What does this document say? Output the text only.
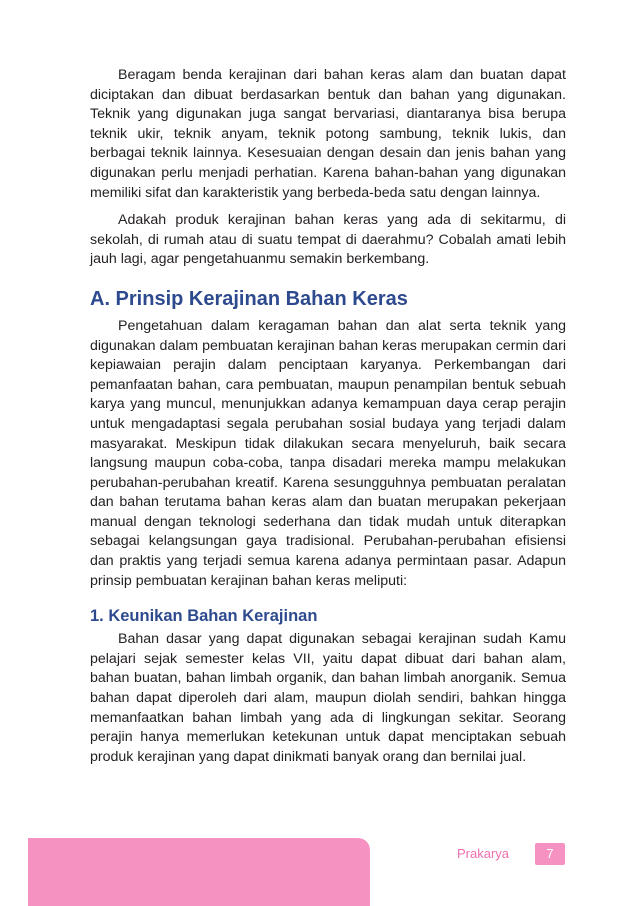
Beragam benda kerajinan dari bahan keras alam dan buatan dapat diciptakan dan dibuat berdasarkan bentuk dan bahan yang digunakan. Teknik yang digunakan juga sangat bervariasi, diantaranya bisa berupa teknik ukir, teknik anyam, teknik potong sambung, teknik lukis, dan berbagai teknik lainnya. Kesesuaian dengan desain dan jenis bahan yang digunakan perlu menjadi perhatian. Karena bahan-bahan yang digunakan memiliki sifat dan karakteristik yang berbeda-beda satu dengan lainnya.

Adakah produk kerajinan bahan keras yang ada di sekitarmu, di sekolah, di rumah atau di suatu tempat di daerahmu? Cobalah amati lebih jauh lagi, agar pengetahuanmu semakin berkembang.

A. Prinsip Kerajinan Bahan Keras

Pengetahuan dalam keragaman bahan dan alat serta teknik yang digunakan dalam pembuatan kerajinan bahan keras merupakan cermin dari kepiawaian perajin dalam penciptaan karyanya. Perkembangan dari pemanfaatan bahan, cara pembuatan, maupun penampilan bentuk sebuah karya yang muncul, menunjukkan adanya kemampuan daya cerap perajin untuk mengadaptasi segala perubahan sosial budaya yang terjadi dalam masyarakat. Meskipun tidak dilakukan secara menyeluruh, baik secara langsung maupun coba-coba, tanpa disadari mereka mampu melakukan perubahan-perubahan kreatif. Karena sesungguhnya pembuatan peralatan dan bahan terutama bahan keras alam dan buatan merupakan pekerjaan manual dengan teknologi sederhana dan tidak mudah untuk diterapkan sebagai kelangsungan gaya tradisional. Perubahan-perubahan efisiensi dan praktis yang terjadi semua karena adanya permintaan pasar. Adapun prinsip pembuatan kerajinan bahan keras meliputi:

1. Keunikan Bahan Kerajinan

Bahan dasar yang dapat digunakan sebagai kerajinan sudah Kamu pelajari sejak semester kelas VII, yaitu dapat dibuat dari bahan alam, bahan buatan, bahan limbah organik, dan bahan limbah anorganik. Semua bahan dapat diperoleh dari alam, maupun diolah sendiri, bahkan hingga memanfaatkan bahan limbah yang ada di lingkungan sekitar. Seorang perajin hanya memerlukan ketekunan untuk dapat menciptakan sebuah produk kerajinan yang dapat dinikmati banyak orang dan bernilai jual.

Prakarya	7
